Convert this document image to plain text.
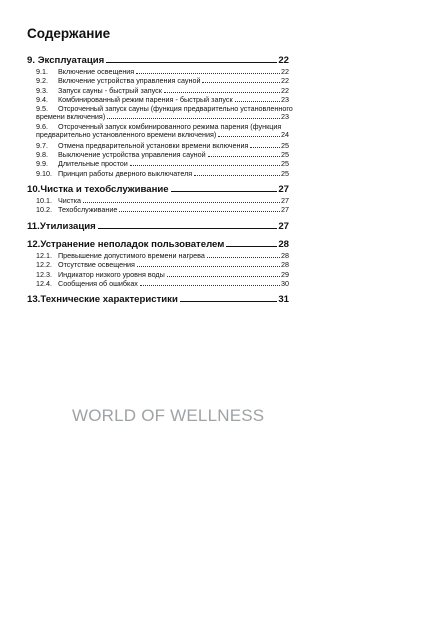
Содержание
9. Эксплуатация	22
9.1. Включение освещения	22
9.2. Включение устройства управления сауной	22
9.3. Запуск сауны - быстрый запуск	22
9.4. Комбинированный режим парения - быстрый запуск	23
9.5. Отсроченный запуск сауны (функция предварительно установленного
времени включения)	23
9.6. Отсроченный запуск комбинированного режима парения (функция
предварительно установленного времени включения)	24
9.7. Отмена предварительной установки времени включения	25
9.8. Выключение устройства управления сауной	25
9.9. Длительные простои	25
9.10. Принцип работы дверного выключателя	25
10.Чистка и техобслуживание	27
10.1. Чистка	27
10.2. Техобслуживание	27
11.Утилизация	27
12.Устранение неполадок пользователем	28
12.1. Превышение допустимого времени нагрева	28
12.2. Отсутствие освещения	28
12.3. Индикатор низкого уровня воды	29
12.4. Сообщения об ошибках	30
13.Технические характеристики	31
WORLD OF WELLNESS
